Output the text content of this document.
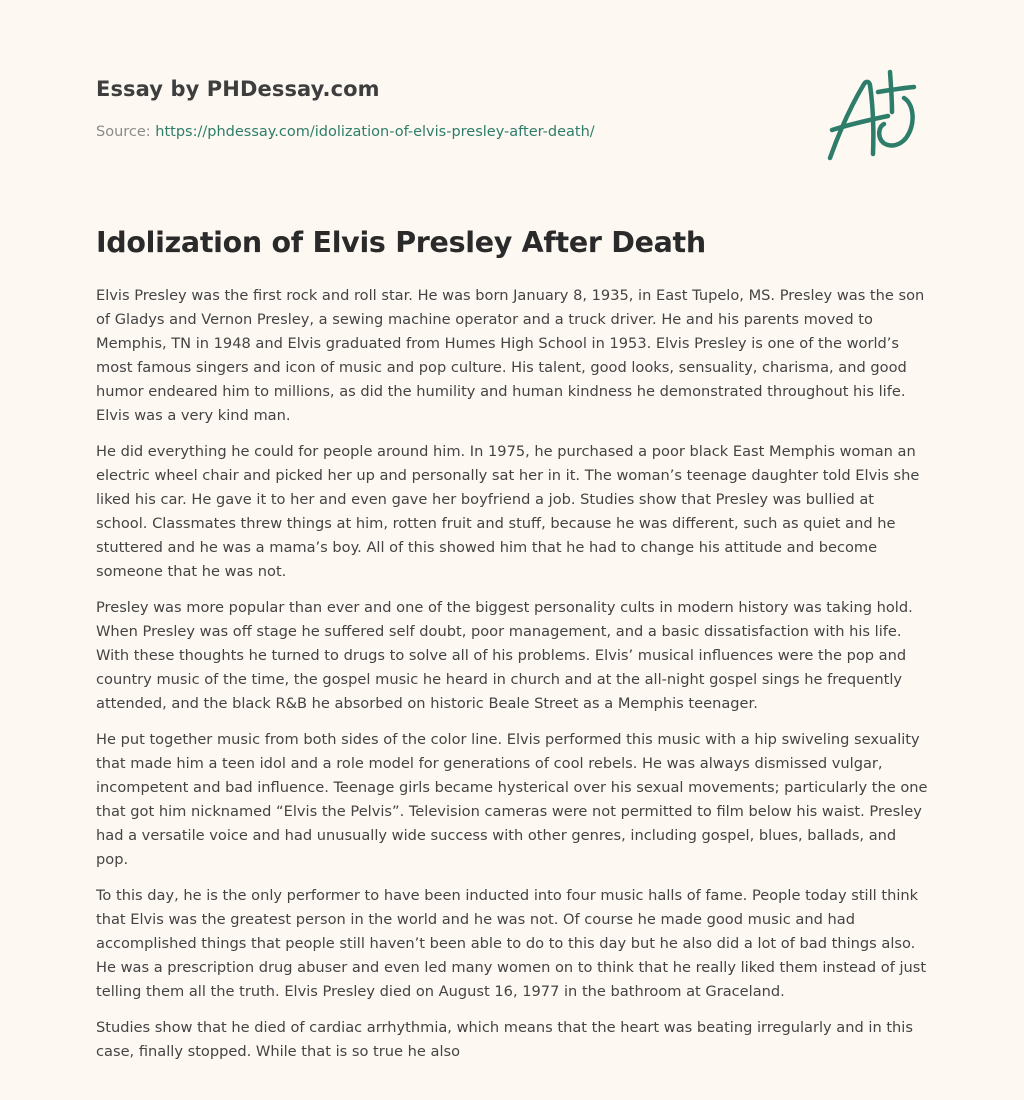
Essay by PHDessay.com
Source: https://phdessay.com/idolization-of-elvis-presley-after-death/
Idolization of Elvis Presley After Death

Elvis Presley was the first rock and roll star. He was born January 8, 1935, in East Tupelo, MS. Presley was the son of Gladys and Vernon Presley, a sewing machine operator and a truck driver. He and his parents moved to Memphis, TN in 1948 and Elvis graduated from Humes High School in 1953. Elvis Presley is one of the world’s most famous singers and icon of music and pop culture. His talent, good looks, sensuality, charisma, and good humor endeared him to millions, as did the humility and human kindness he demonstrated throughout his life. Elvis was a very kind man.

He did everything he could for people around him. In 1975, he purchased a poor black East Memphis woman an electric wheel chair and picked her up and personally sat her in it. The woman’s teenage daughter told Elvis she liked his car. He gave it to her and even gave her boyfriend a job. Studies show that Presley was bullied at school. Classmates threw things at him, rotten fruit and stuff, because he was different, such as quiet and he stuttered and he was a mama’s boy. All of this showed him that he had to change his attitude and become someone that he was not.

Presley was more popular than ever and one of the biggest personality cults in modern history was taking hold. When Presley was off stage he suffered self doubt, poor management, and a basic dissatisfaction with his life. With these thoughts he turned to drugs to solve all of his problems. Elvis’ musical influences were the pop and country music of the time, the gospel music he heard in church and at the all-night gospel sings he frequently attended, and the black R&B he absorbed on historic Beale Street as a Memphis teenager.

He put together music from both sides of the color line. Elvis performed this music with a hip swiveling sexuality that made him a teen idol and a role model for generations of cool rebels. He was always dismissed vulgar, incompetent and bad influence. Teenage girls became hysterical over his sexual movements; particularly the one that got him nicknamed “Elvis the Pelvis”. Television cameras were not permitted to film below his waist. Presley had a versatile voice and had unusually wide success with other genres, including gospel, blues, ballads, and pop.

To this day, he is the only performer to have been inducted into four music halls of fame. People today still think that Elvis was the greatest person in the world and he was not. Of course he made good music and had accomplished things that people still haven’t been able to do to this day but he also did a lot of bad things also. He was a prescription drug abuser and even led many women on to think that he really liked them instead of just telling them all the truth. Elvis Presley died on August 16, 1977 in the bathroom at Graceland.

Studies show that he died of cardiac arrhythmia, which means that the heart was beating irregularly and in this case, finally stopped. While that is so true he also
